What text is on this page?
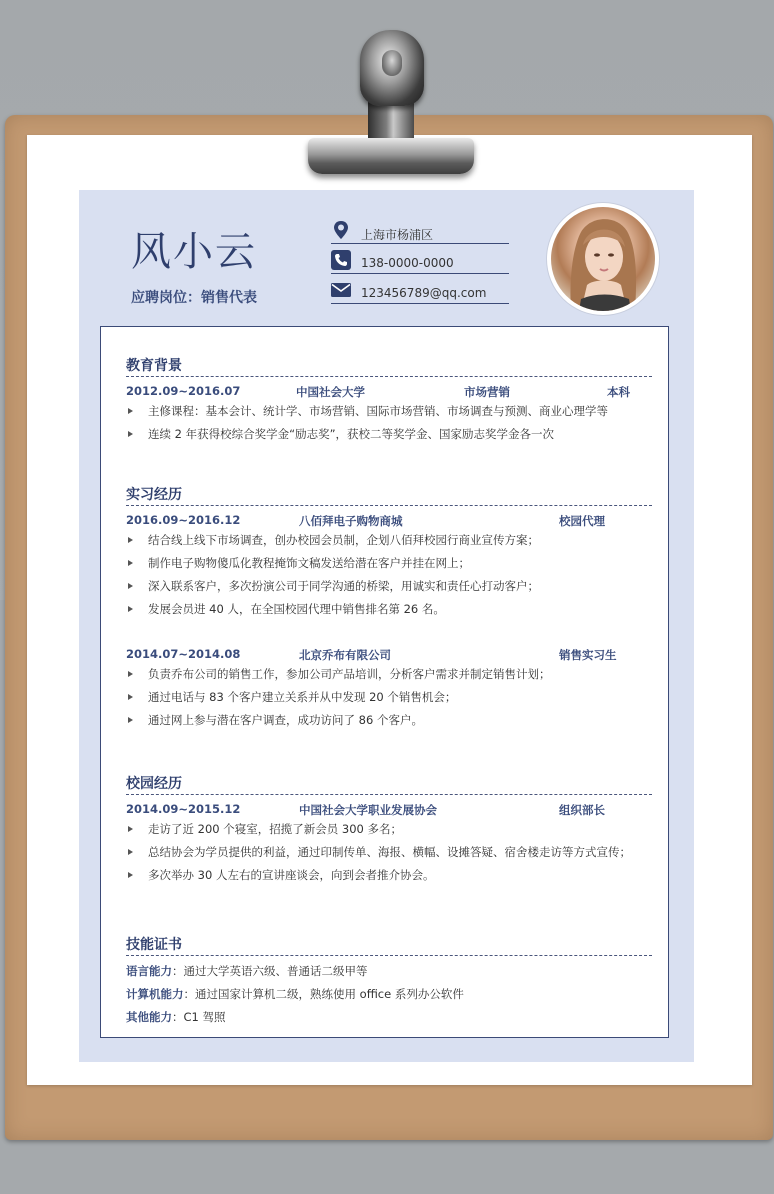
风小云
应聘岗位：销售代表
上海市杨浦区
138-0000-0000
123456789@qq.com
教育背景
2012.09~2016.07	中国社会大学	市场营销	本科
主修课程：基本会计、统计学、市场营销、国际市场营销、市场调查与预测、商业心理学等
连续 2 年获得校综合奖学金“励志奖”，获校二等奖学金、国家励志奖学金各一次
实习经历
2016.09~2016.12	八佰拜电子购物商城	校园代理
结合线上线下市场调查，创办校园会员制，企划八佰拜校园行商业宣传方案；
制作电子购物傻瓜化教程掩饰文稿发送给潜在客户并挂在网上；
深入联系客户，多次扮演公司于同学沟通的桥梁，用诚实和责任心打动客户；
发展会员进 40 人，在全国校园代理中销售排名第 26 名。
2014.07~2014.08	北京乔布有限公司	销售实习生
负责乔布公司的销售工作，参加公司产品培训，分析客户需求并制定销售计划；
通过电话与 83 个客户建立关系并从中发现 20 个销售机会；
通过网上参与潜在客户调查，成功访问了 86 个客户。
校园经历
2014.09~2015.12	中国社会大学职业发展协会	组织部长
走访了近 200 个寝室，招揽了新会员 300 多名；
总结协会为学员提供的利益，通过印制传单、海报、横幅、设摊答疑、宿舍楼走访等方式宣传；
多次举办 30 人左右的宣讲座谈会，向到会者推介协会。
技能证书
语言能力：通过大学英语六级、普通话二级甲等
计算机能力：通过国家计算机二级，熟练使用 office 系列办公软件
其他能力：C1 驾照
